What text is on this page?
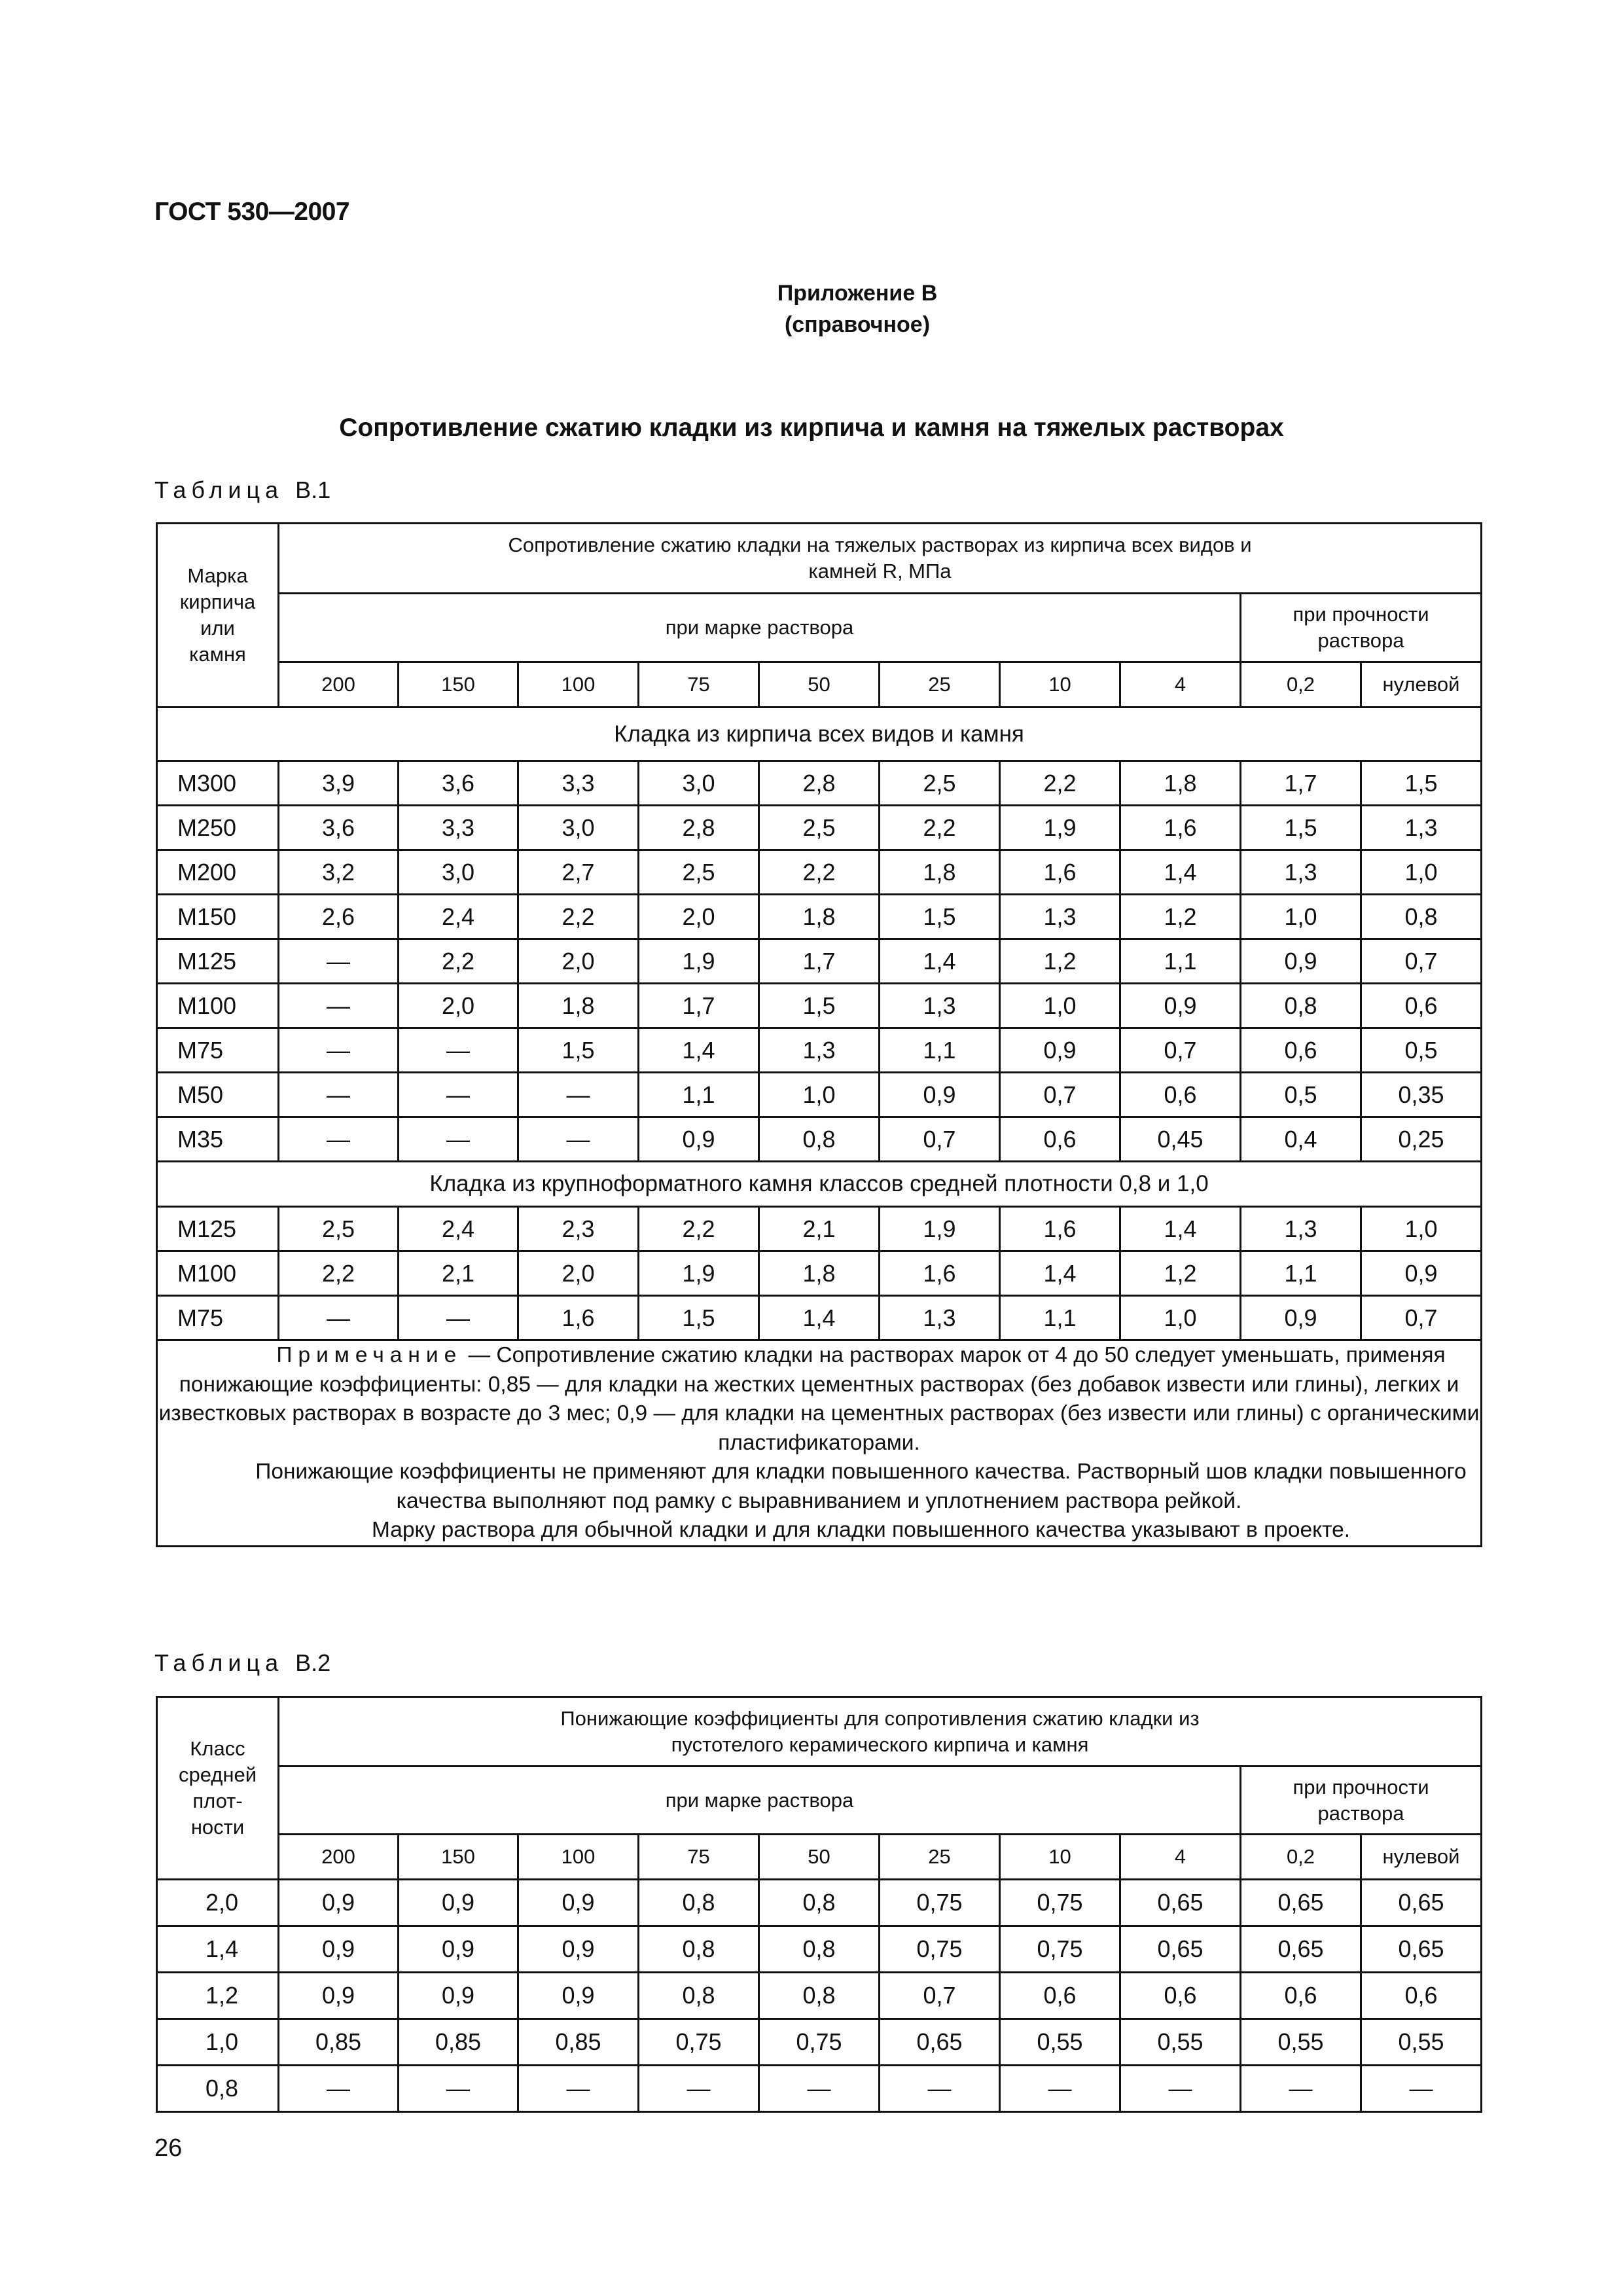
ГОСТ 530—2007
Приложение В
(справочное)
Сопротивление сжатию кладки из кирпича и камня на тяжелых растворах
Таблица В.1
Марка кирпича или камня	Сопротивление сжатию кладки на тяжелых растворах из кирпича всех видов и камней R, МПа									
	при марке раствора								при прочности раствора	
	200	150	100	75	50	25	10	4	0,2	нулевой
Кладка из кирпича всех видов и камня										
М300	3,9	3,6	3,3	3,0	2,8	2,5	2,2	1,8	1,7	1,5
М250	3,6	3,3	3,0	2,8	2,5	2,2	1,9	1,6	1,5	1,3
М200	3,2	3,0	2,7	2,5	2,2	1,8	1,6	1,4	1,3	1,0
М150	2,6	2,4	2,2	2,0	1,8	1,5	1,3	1,2	1,0	0,8
М125	—	2,2	2,0	1,9	1,7	1,4	1,2	1,1	0,9	0,7
М100	—	2,0	1,8	1,7	1,5	1,3	1,0	0,9	0,8	0,6
М75	—	—	1,5	1,4	1,3	1,1	0,9	0,7	0,6	0,5
М50	—	—	—	1,1	1,0	0,9	0,7	0,6	0,5	0,35
М35	—	—	—	0,9	0,8	0,7	0,6	0,45	0,4	0,25
Кладка из крупноформатного камня классов средней плотности 0,8 и 1,0										
М125	2,5	2,4	2,3	2,2	2,1	1,9	1,6	1,4	1,3	1,0
М100	2,2	2,1	2,0	1,9	1,8	1,6	1,4	1,2	1,1	0,9
М75	—	—	1,6	1,5	1,4	1,3	1,1	1,0	0,9	0,7

Примечание — Сопротивление сжатию кладки на растворах марок от 4 до 50 следует уменьшать, применяя понижающие коэффициенты: 0,85 — для кладки на жестких цементных растворах (без добавок извести или глины), легких и известковых растворах в возрасте до 3 мес; 0,9 — для кладки на цементных растворах (без извести или глины) с органическими пластификаторами.

Понижающие коэффициенты не применяют для кладки повышенного качества. Растворный шов кладки повышенного качества выполняют под рамку с выравниванием и уплотнением раствора рейкой.

Марку раствора для обычной кладки и для кладки повышенного качества указывают в проекте.										

Таблица В.2
Класс средней плот- ности	Понижающие коэффициенты для сопротивления сжатию кладки из пустотелого керамического кирпича и камня									
	при марке раствора								при прочности раствора	
	200	150	100	75	50	25	10	4	0,2	нулевой
2,0	0,9	0,9	0,9	0,8	0,8	0,75	0,75	0,65	0,65	0,65
1,4	0,9	0,9	0,9	0,8	0,8	0,75	0,75	0,65	0,65	0,65
1,2	0,9	0,9	0,9	0,8	0,8	0,7	0,6	0,6	0,6	0,6
1,0	0,85	0,85	0,85	0,75	0,75	0,65	0,55	0,55	0,55	0,55
0,8	—	—	—	—	—	—	—	—	—	—
26
